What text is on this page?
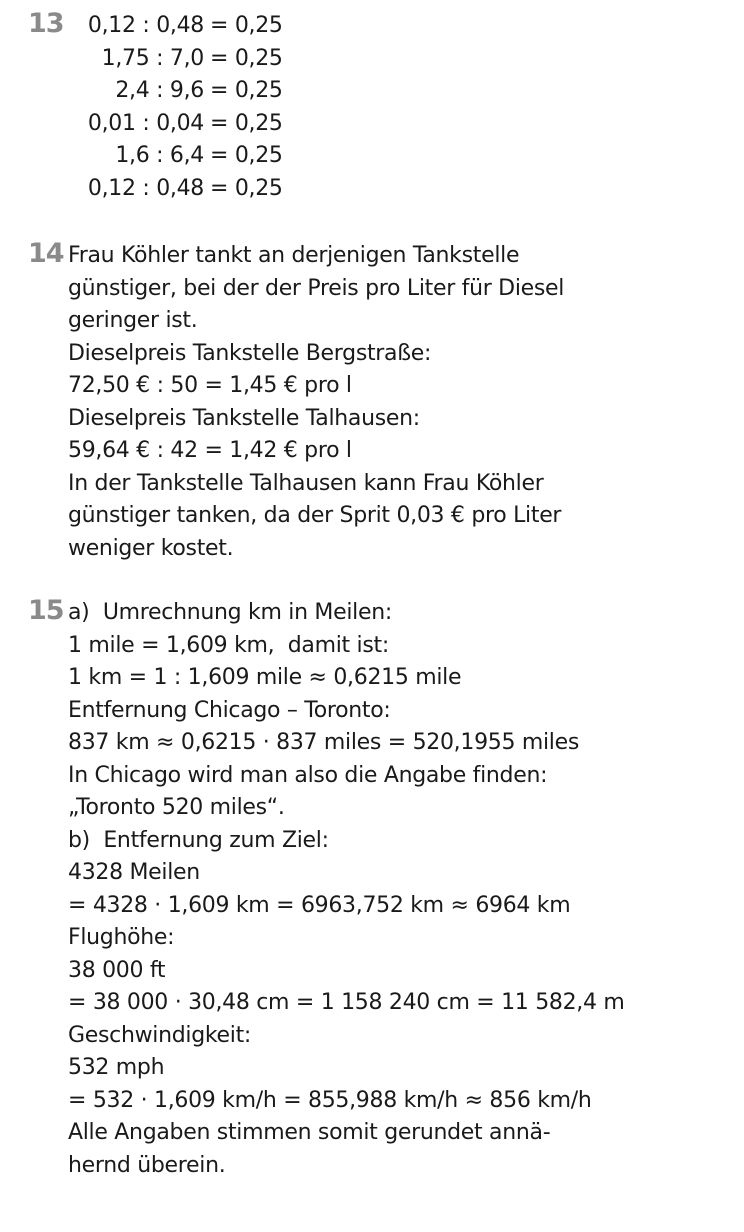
13	0,12 : 0,48 = 0,25
1,75 : 7,0 = 0,25
2,4 : 9,6 = 0,25
0,01 : 0,04 = 0,25
1,6 : 6,4 = 0,25
0,12 : 0,48 = 0,25
14 Frau Köhler tankt an derjenigen Tankstelle
günstiger, bei der der Preis pro Liter für Diesel
geringer ist.
Dieselpreis Tankstelle Bergstraße:
72,50 € : 50 = 1,45 € pro l
Dieselpreis Tankstelle Talhausen:
59,64 € : 42 = 1,42 € pro l
In der Tankstelle Talhausen kann Frau Köhler
günstiger tanken, da der Sprit 0,03 € pro Liter
weniger kostet.
15 a)  Umrechnung km in Meilen:
1 mile = 1,609 km,  damit ist:
1 km = 1 : 1,609 mile ≈ 0,6215 mile
Entfernung Chicago – Toronto:
837 km ≈ 0,6215 · 837 miles = 520,1955 miles
In Chicago wird man also die Angabe finden:
„Toronto 520 miles“.
b)  Entfernung zum Ziel:
4328 Meilen
= 4328 · 1,609 km = 6963,752 km ≈ 6964 km
Flughöhe:
38 000 ft
= 38 000 · 30,48 cm = 1 158 240 cm = 11 582,4 m
Geschwindigkeit:
532 mph
= 532 · 1,609 km/h = 855,988 km/h ≈ 856 km/h
Alle Angaben stimmen somit gerundet annä-
hernd überein.
